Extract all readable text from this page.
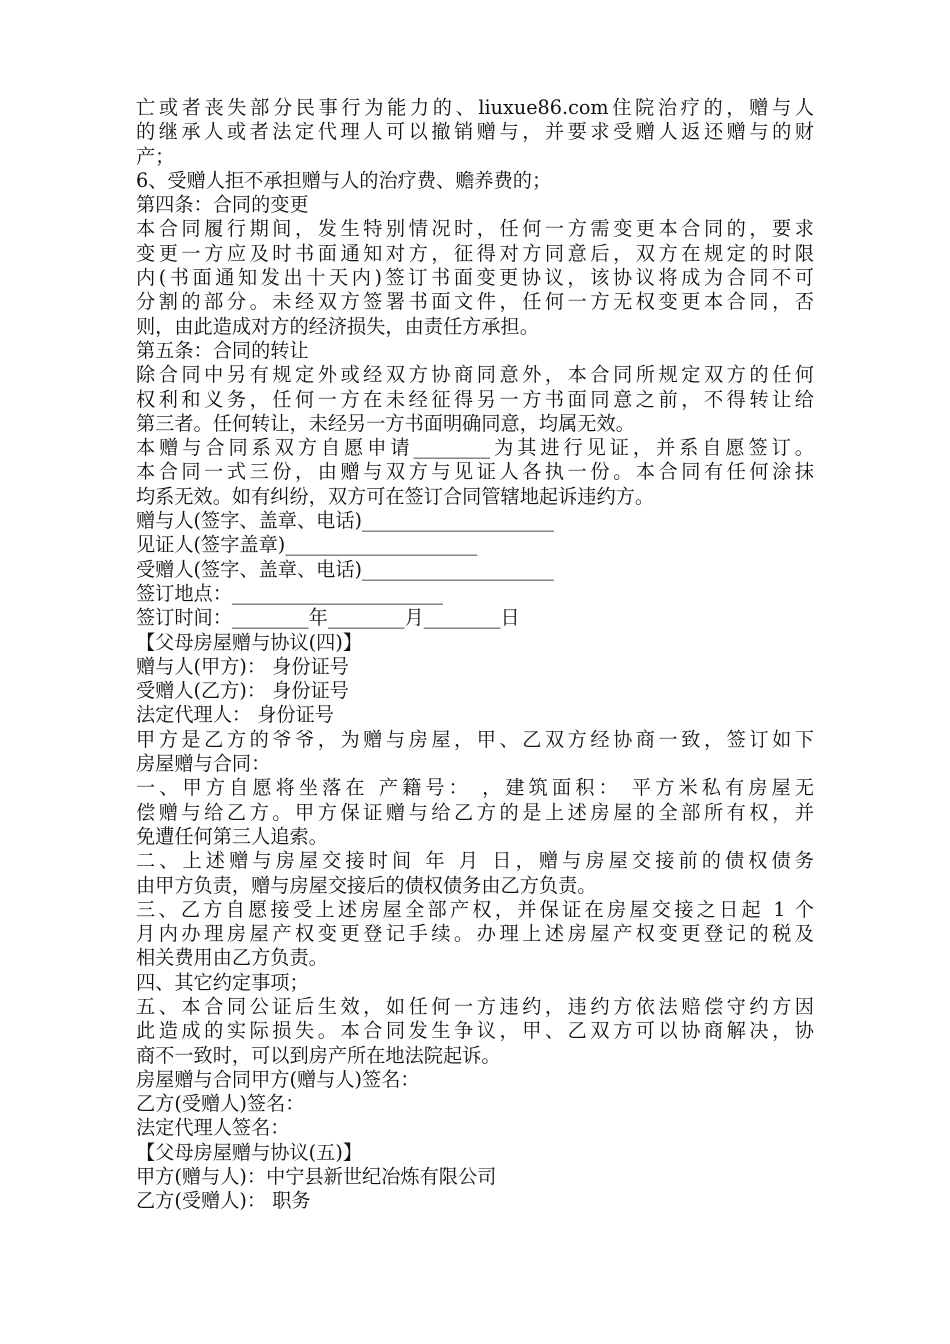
亡或者丧失部分民事行为能力的、liuxue86.com住院治疗的，赠与人
的继承人或者法定代理人可以撤销赠与，并要求受赠人返还赠与的财
产；
6、受赠人拒不承担赠与人的治疗费、赡养费的；
第四条：合同的变更
本合同履行期间，发生特别情况时，任何一方需变更本合同的，要求
变更一方应及时书面通知对方，征得对方同意后，双方在规定的时限
内(书面通知发出十天内)签订书面变更协议，该协议将成为合同不可
分割的部分。未经双方签署书面文件，任何一方无权变更本合同，否
则，由此造成对方的经济损失，由责任方承担。
第五条：合同的转让
除合同中另有规定外或经双方协商同意外，本合同所规定双方的任何
权利和义务，任何一方在未经征得另一方书面同意之前，不得转让给
第三者。任何转让，未经另一方书面明确同意，均属无效。
本赠与合同系双方自愿申请________为其进行见证，并系自愿签订。
本合同一式三份，由赠与双方与见证人各执一份。本合同有任何涂抹
均系无效。如有纠纷，双方可在签订合同管辖地起诉违约方。
赠与人(签字、盖章、电话)____________________
见证人(签字盖章)____________________
受赠人(签字、盖章、电话)____________________
签订地点：______________________
签订时间：________年________月________日
【父母房屋赠与协议(四)】
赠与人(甲方)： 身份证号
受赠人(乙方)： 身份证号
法定代理人： 身份证号
甲方是乙方的爷爷，为赠与房屋，甲、乙双方经协商一致，签订如下
房屋赠与合同：
一、甲方自愿将坐落在 产籍号： ，建筑面积： 平方米私有房屋无
偿赠与给乙方。甲方保证赠与给乙方的是上述房屋的全部所有权，并
免遭任何第三人追索。
二、上述赠与房屋交接时间 年 月 日，赠与房屋交接前的债权债务
由甲方负责，赠与房屋交接后的债权债务由乙方负责。
三、乙方自愿接受上述房屋全部产权，并保证在房屋交接之日起 1 个
月内办理房屋产权变更登记手续。办理上述房屋产权变更登记的税及
相关费用由乙方负责。
四、其它约定事项；
五、本合同公证后生效，如任何一方违约，违约方依法赔偿守约方因
此造成的实际损失。本合同发生争议，甲、乙双方可以协商解决，协
商不一致时，可以到房产所在地法院起诉。
房屋赠与合同甲方(赠与人)签名：
乙方(受赠人)签名：
法定代理人签名：
【父母房屋赠与协议(五)】
甲方(赠与人)：中宁县新世纪冶炼有限公司
乙方(受赠人)： 职务
